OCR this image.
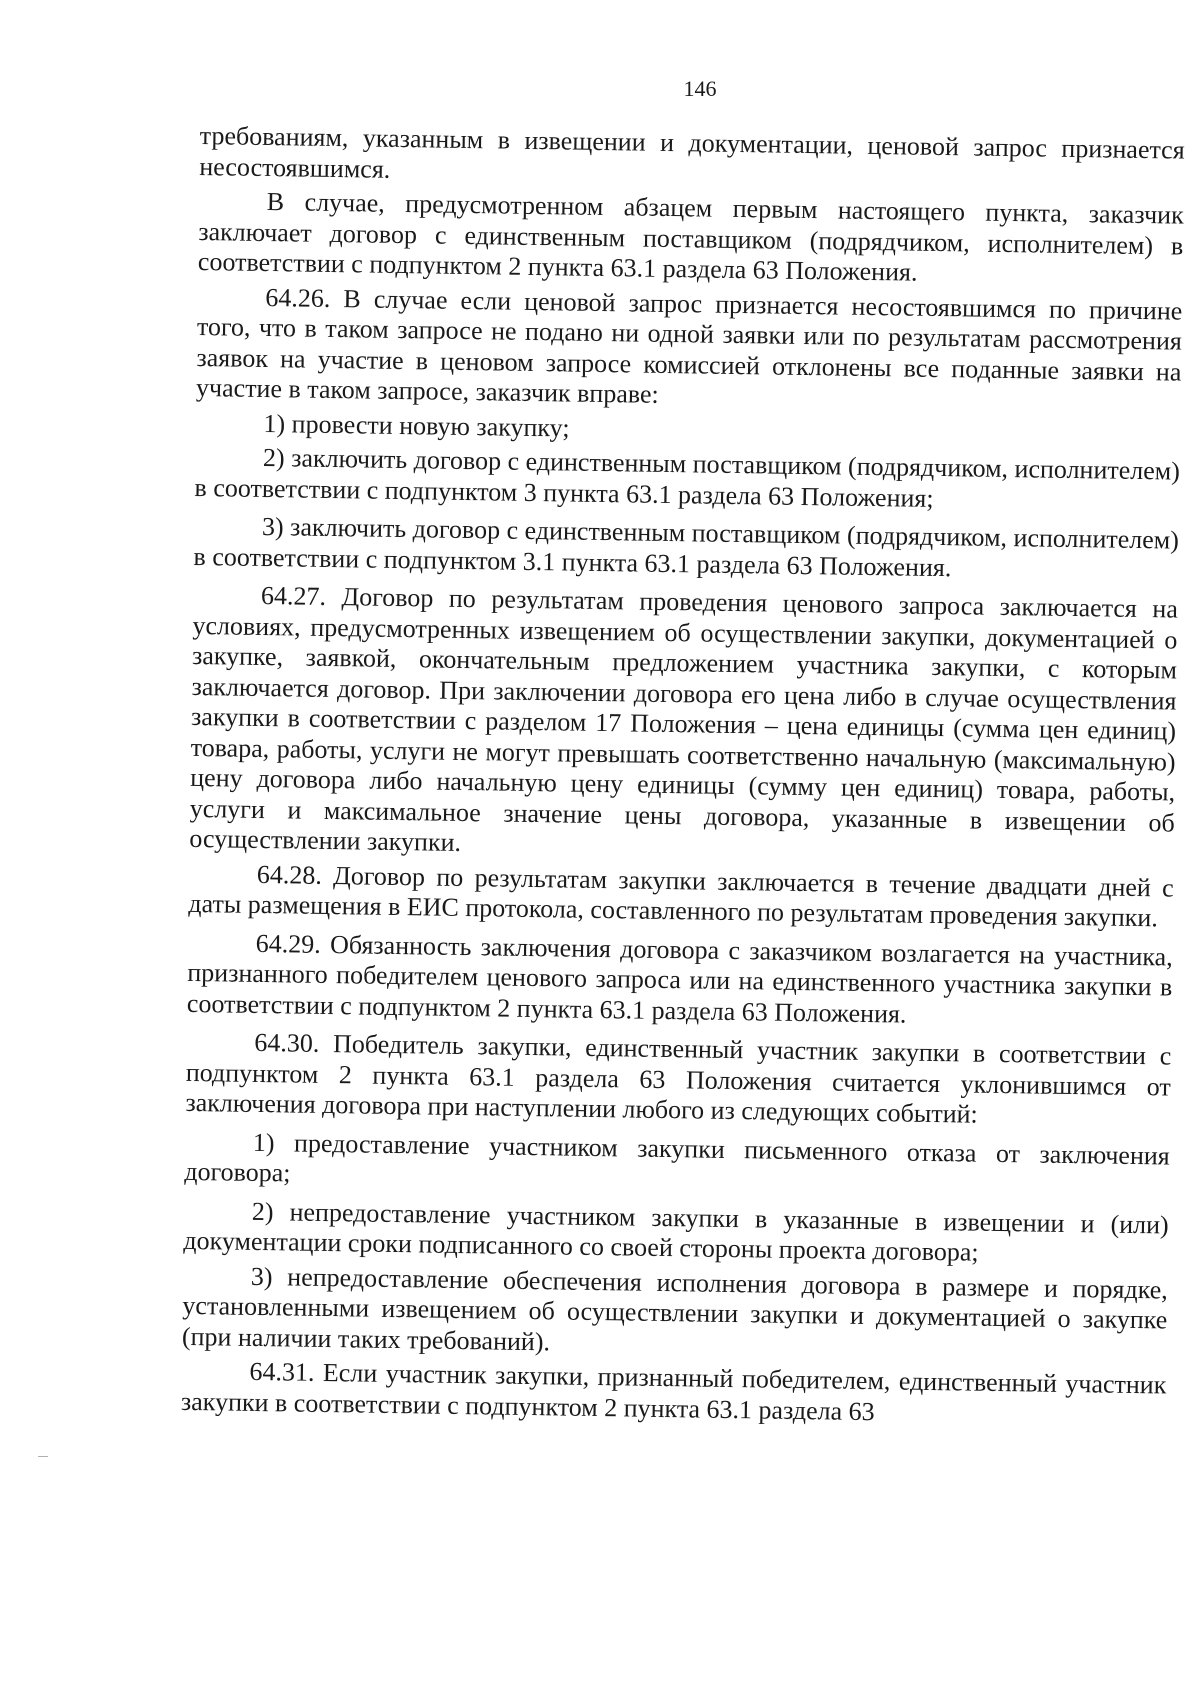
146

требованиям, указанным в извещении и документации, ценовой запрос признается несостоявшимся.

В случае, предусмотренном абзацем первым настоящего пункта, заказчик заключает договор с единственным поставщиком (подрядчиком, исполнителем) в соответствии с подпунктом 2 пункта 63.1 раздела 63 Положения.

64.26. В случае если ценовой запрос признается несостоявшимся по причине того, что в таком запросе не подано ни одной заявки или по результатам рассмотрения заявок на участие в ценовом запросе комиссией отклонены все поданные заявки на участие в таком запросе, заказчик вправе:

1) провести новую закупку;

2) заключить договор с единственным поставщиком (подрядчиком, исполнителем) в соответствии с подпунктом 3 пункта 63.1 раздела 63 Положения;

3) заключить договор с единственным поставщиком (подрядчиком, исполнителем) в соответствии с подпунктом 3.1 пункта 63.1 раздела 63 Положения.

64.27. Договор по результатам проведения ценового запроса заключается на условиях, предусмотренных извещением об осуществлении закупки, документацией о закупке, заявкой, окончательным предложением участника закупки, с которым заключается договор. При заключении договора его цена либо в случае осуществления закупки в соответствии с разделом 17 Положения – цена единицы (сумма цен единиц) товара, работы, услуги не могут превышать соответственно начальную (максимальную) цену договора либо начальную цену единицы (сумму цен единиц) товара, работы, услуги и максимальное значение цены договора, указанные в извещении об осуществлении закупки.

64.28. Договор по результатам закупки заключается в течение двадцати дней с даты размещения в ЕИС протокола, составленного по результатам проведения закупки.

64.29. Обязанность заключения договора с заказчиком возлагается на участника, признанного победителем ценового запроса или на единственного участника закупки в соответствии с подпунктом 2 пункта 63.1 раздела 63 Положения.

64.30. Победитель закупки, единственный участник закупки в соответствии с подпунктом 2 пункта 63.1 раздела 63 Положения считается уклонившимся от заключения договора при наступлении любого из следующих событий:

1) предоставление участником закупки письменного отказа от заключения договора;

2) непредоставление участником закупки в указанные в извещении и (или) документации сроки подписанного со своей стороны проекта договора;

3) непредоставление обеспечения исполнения договора в размере и порядке, установленными извещением об осуществлении закупки и документацией о закупке (при наличии таких требований).

64.31. Если участник закупки, признанный победителем, единственный участник закупки в соответствии с подпунктом 2 пункта 63.1 раздела 63
